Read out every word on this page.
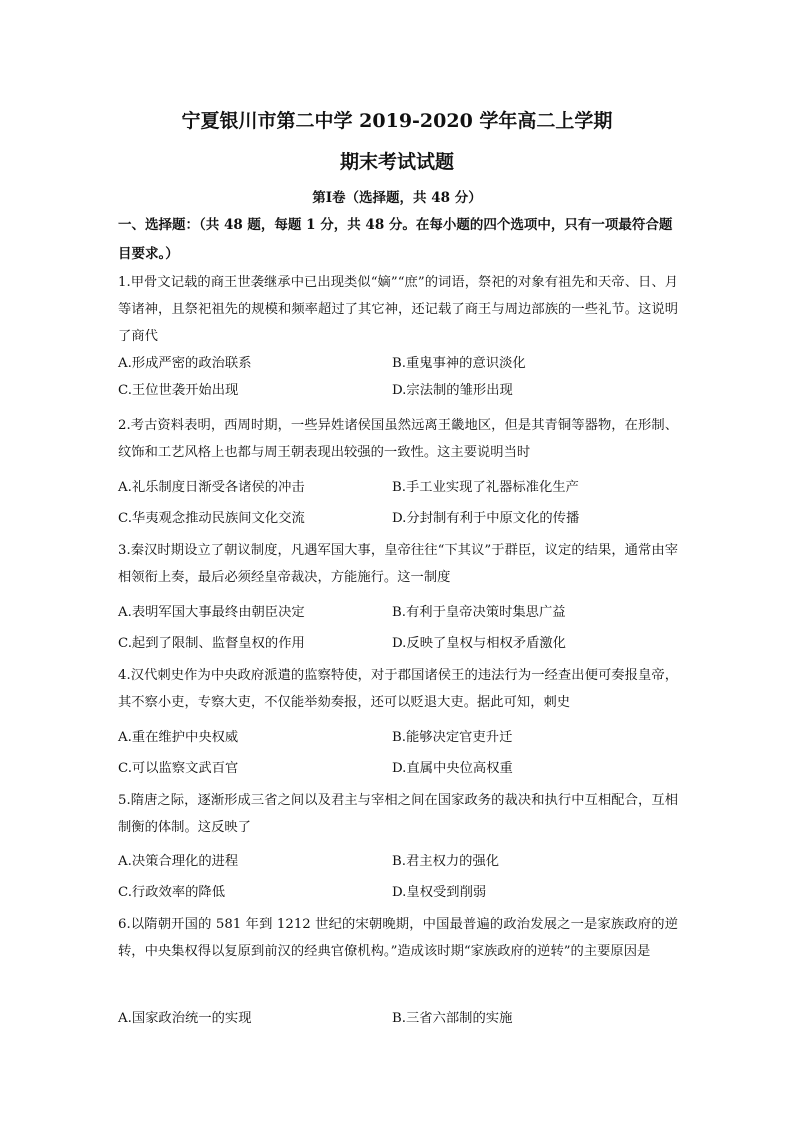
宁夏银川市第二中学 2019-2020 学年高二上学期
期末考试试题
第Ⅰ卷（选择题，共 48 分）
一、选择题：（共 48 题，每题 1 分，共 48 分。在每小题的四个选项中，只有一项最符合题目要求。）
1.甲骨文记载的商王世袭继承中已出现类似“嫡”“庶”的词语，祭祀的对象有祖先和天帝、日、月等诸神，且祭祀祖先的规模和频率超过了其它神，还记载了商王与周边部族的一些礼节。这说明了商代
A.形成严密的政治联系	B.重鬼事神的意识淡化
C.王位世袭开始出现	D.宗法制的雏形出现
2.考古资料表明，西周时期，一些异姓诸侯国虽然远离王畿地区，但是其青铜等器物，在形制、纹饰和工艺风格上也都与周王朝表现出较强的一致性。这主要说明当时
A.礼乐制度日渐受各诸侯的冲击	B.手工业实现了礼器标准化生产
C.华夷观念推动民族间文化交流	D.分封制有利于中原文化的传播
3.秦汉时期设立了朝议制度，凡遇军国大事，皇帝往往“下其议”于群臣，议定的结果，通常由宰相领衔上奏，最后必须经皇帝裁决，方能施行。这一制度
A.表明军国大事最终由朝臣决定	B.有利于皇帝决策时集思广益
C.起到了限制、监督皇权的作用	D.反映了皇权与相权矛盾激化
4.汉代刺史作为中央政府派遣的监察特使，对于郡国诸侯王的违法行为一经查出便可奏报皇帝，其不察小吏，专察大吏，不仅能举劾奏报，还可以贬退大吏。据此可知，刺史
A.重在维护中央权威	B.能够决定官吏升迁
C.可以监察文武百官	D.直属中央位高权重
5.隋唐之际，逐渐形成三省之间以及君主与宰相之间在国家政务的裁决和执行中互相配合，互相制衡的体制。这反映了
A.决策合理化的进程	B.君主权力的强化
C.行政效率的降低	D.皇权受到削弱
6.以隋朝开国的 581 年到 1212 世纪的宋朝晚期，中国最普遍的政治发展之一是家族政府的逆转，中央集权得以复原到前汉的经典官僚机构。”造成该时期“家族政府的逆转”的主要原因是
A.国家政治统一的实现	B.三省六部制的实施
